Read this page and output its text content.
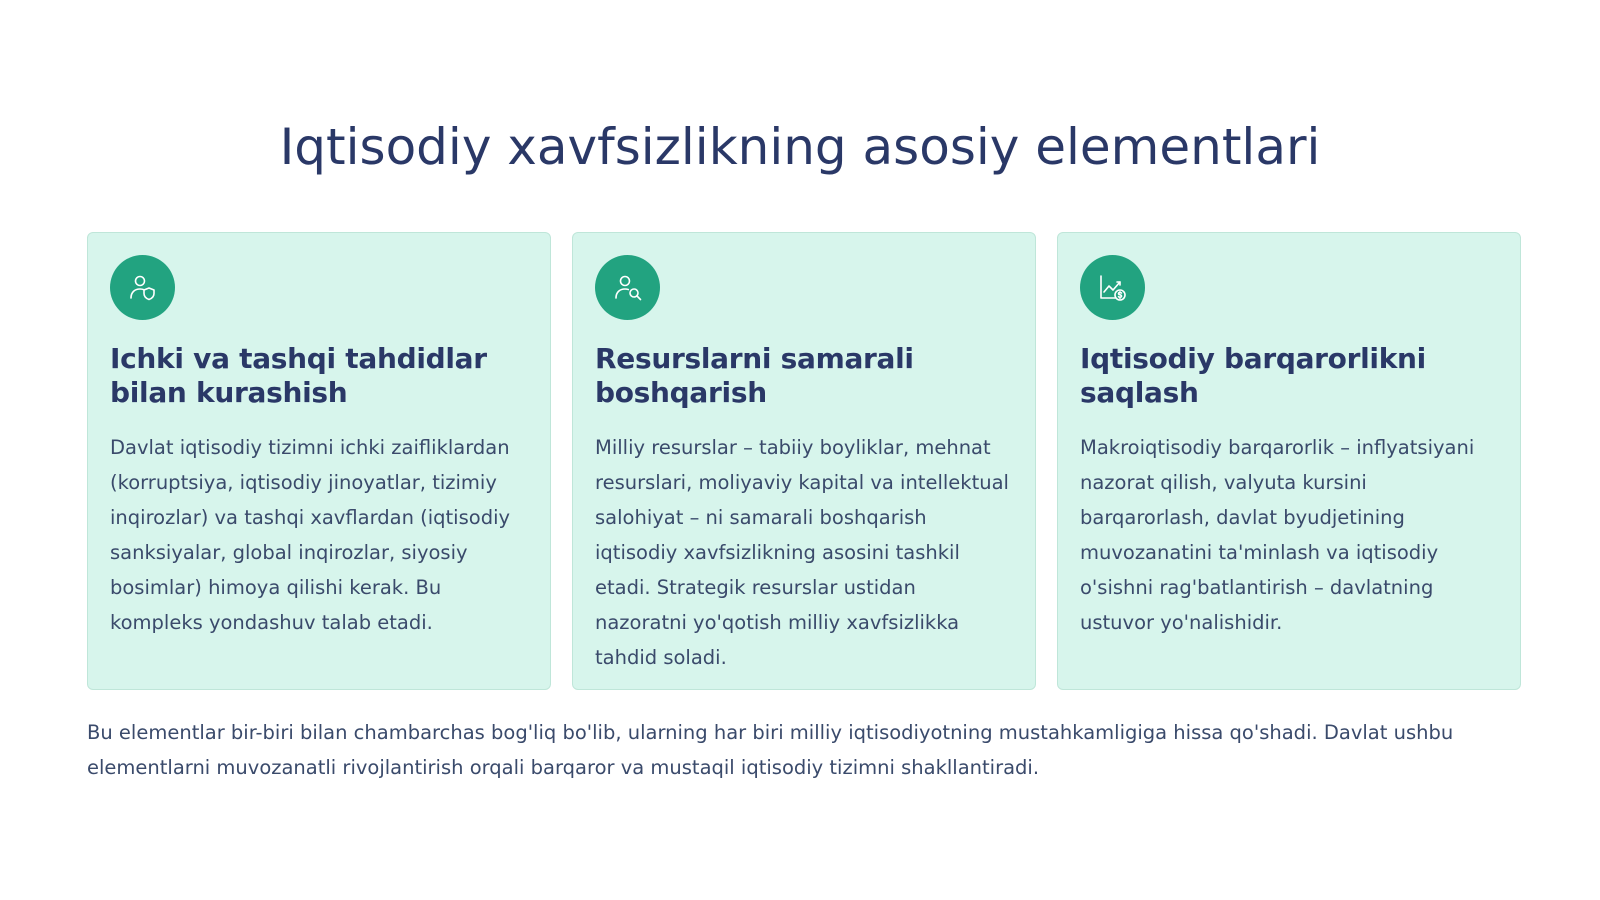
Iqtisodiy xavfsizlikning asosiy elementlari
Ichki va tashqi tahdidlar bilan kurashish

Davlat iqtisodiy tizimni ichki zaifliklardan (korruptsiya, iqtisodiy jinoyatlar, tizimiy inqirozlar) va tashqi xavflardan (iqtisodiy sanksiyalar, global inqirozlar, siyosiy bosimlar) himoya qilishi kerak. Bu kompleks yondashuv talab etadi.

Resurslarni samarali boshqarish

Milliy resurslar – tabiiy boyliklar, mehnat resurslari, moliyaviy kapital va intellektual salohiyat – ni samarali boshqarish iqtisodiy xavfsizlikning asosini tashkil etadi. Strategik resurslar ustidan nazoratni yo'qotish milliy xavfsizlikka tahdid soladi.

Iqtisodiy barqarorlikni saqlash

Makroiqtisodiy barqarorlik – inflyatsiyani nazorat qilish, valyuta kursini barqarorlash, davlat byudjetining muvozanatini ta'minlash va iqtisodiy o'sishni rag'batlantirish – davlatning ustuvor yo'nalishidir.

Bu elementlar bir-biri bilan chambarchas bog'liq bo'lib, ularning har biri milliy iqtisodiyotning mustahkamligiga hissa qo'shadi. Davlat ushbu elementlarni muvozanatli rivojlantirish orqali barqaror va mustaqil iqtisodiy tizimni shakllantiradi.
